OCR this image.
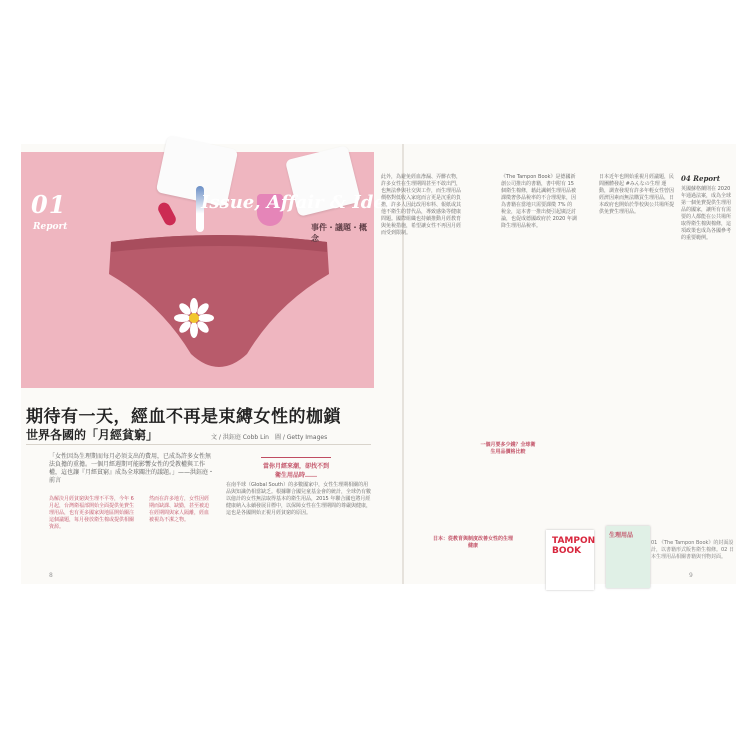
01
Report
Issue, Affair & Idea
事件・議題・概念
期待有一天，經血不再是束縛女性的枷鎖
世界各國的「月經貧窮」	文 / 洪鈺庭 Cobb Lin　圖 / Getty Images
「女性因為生理期而每月必須支出的費用，已成為許多女性無法負擔的重擔。一個月經週期可能影響女性的受教權與工作權，這也讓『月經貧窮』成為全球關注的議題。」——洪鈺庭・前言
當你月經來潮，卻找不到衛生用品時……
為解決月經貧窮與生理不平等，今年 6 月起，台灣衛福部開始全面提供免費生理用品，也有更多國家與地區開始關注這個議題，每月發放衛生棉或提供相關資源。
然而在許多地方，女性因經期而缺課、缺勤，甚至被迫在經期間與家人隔離，經血被視為不潔之物。
在南半球（Global South）的多數國家中，女性生理期相關的用品與知識仍相當缺乏。根據聯合國兒童基金會的統計，全球仍有數以億計的女性無法取得基本的衛生用品，2015 年聯合國也將月經健康納入永續發展目標中，以保障女性在生理期間的尊嚴與健康，這也是各國開始正視月經貧窮的原因。
8
此外，為避免經血滲漏、弄髒衣物，許多女性在生理期間甚至不敢出門，也無法參與社交與工作，而生理用品價格對低收入家庭而言更是沉重的負擔，許多人因此改用布料、報紙或其他不衛生的替代品，導致感染等健康問題。國際組織也持續推動月經教育與免稅措施，希望讓女性不再因月經而受到限制。
一個月要多少錢？全球衛生用品價格比較
《The Tampon Book》是德國新創公司推出的書籍，書中附有 15 個衛生棉條，藉此諷刺生理用品被課徵奢侈品稅率的不合理現象，因為書籍在當地只需要課徵 7% 的稅金，這本書一推出便引起廣泛討論，也促成德國政府於 2020 年調降生理用品稅率。
日本：從教育與制度改善女性的生理健康
日本近年也開始重視月經議題，民間團體發起 #みんなの生理 運動，調查發現有許多年輕女性曾因經濟因素而無法購買生理用品，日本政府也開始於學校與公共場所提供免費生理用品。
04 Report
英國蘇格蘭則在 2020 年通過法案，成為全球第一個免費提供生理用品的國家，讓所有有需要的人都能在公共場所取得衛生棉與棉條，這項政策也成為各國參考的重要範例。
TAMPON BOOK
生理用品
01 《The Tampon Book》的封面設計，以書籍形式販售衛生棉條。02 日本生理用品相關書籍與刊物封面。
9
